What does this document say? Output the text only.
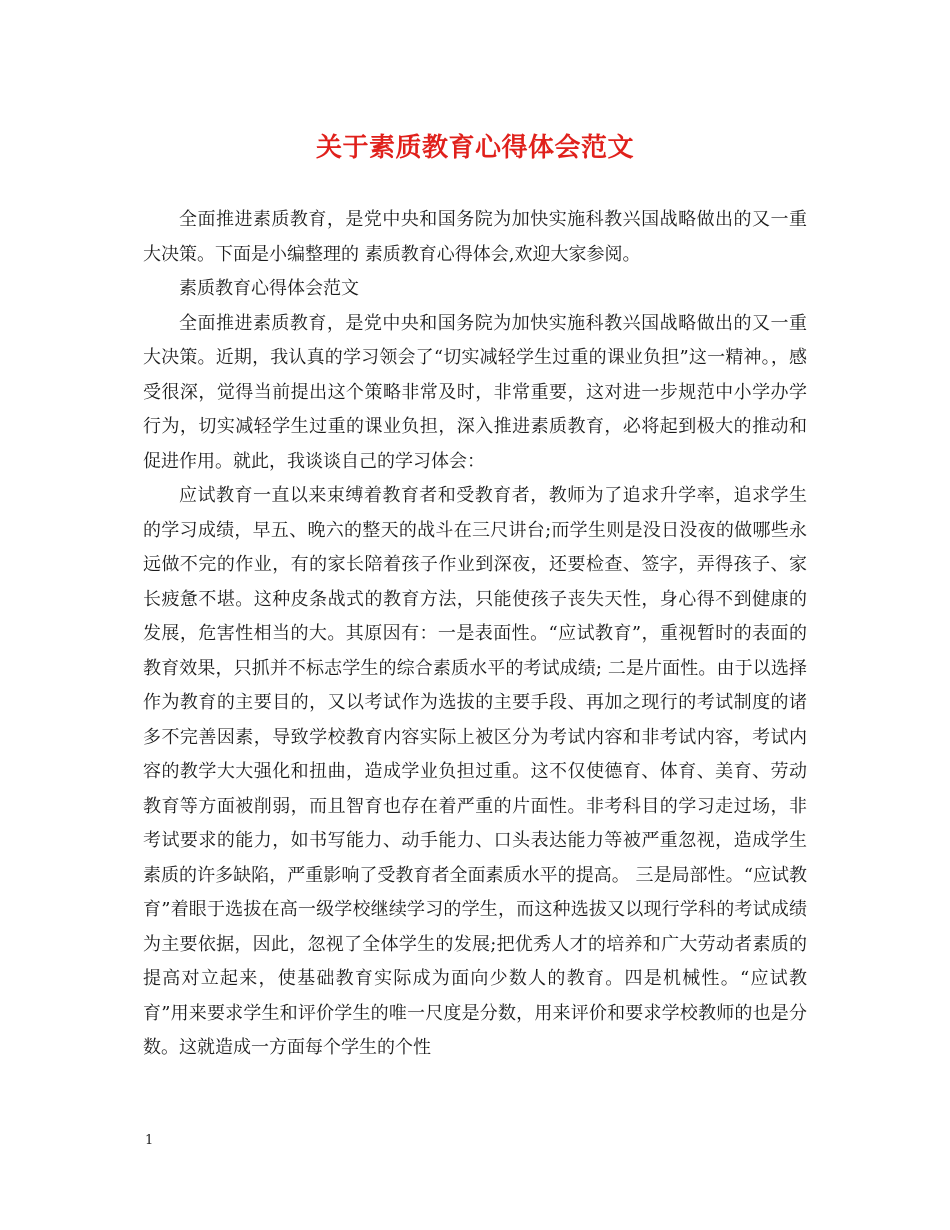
关于素质教育心得体会范文

全面推进素质教育，是党中央和国务院为加快实施科教兴国战略做出的又一重大决策。下面是小编整理的 素质教育心得体会,欢迎大家参阅。

素质教育心得体会范文

全面推进素质教育，是党中央和国务院为加快实施科教兴国战略做出的又一重大决策。近期，我认真的学习领会了“切实减轻学生过重的课业负担”这一精神。，感受很深，觉得当前提出这个策略非常及时，非常重要，这对进一步规范中小学办学行为，切实减轻学生过重的课业负担，深入推进素质教育，必将起到极大的推动和促进作用。就此，我谈谈自己的学习体会：

应试教育一直以来束缚着教育者和受教育者，教师为了追求升学率，追求学生的学习成绩，早五、晚六的整天的战斗在三尺讲台;而学生则是没日没夜的做哪些永远做不完的作业，有的家长陪着孩子作业到深夜，还要检查、签字，弄得孩子、家长疲惫不堪。这种皮条战式的教育方法，只能使孩子丧失天性，身心得不到健康的发展，危害性相当的大。其原因有：一是表面性。“应试教育”，重视暂时的表面的教育效果，只抓并不标志学生的综合素质水平的考试成绩; 二是片面性。由于以选择作为教育的主要目的，又以考试作为选拔的主要手段、再加之现行的考试制度的诸多不完善因素，导致学校教育内容实际上被区分为考试内容和非考试内容，考试内容的教学大大强化和扭曲，造成学业负担过重。这不仅使德育、体育、美育、劳动教育等方面被削弱，而且智育也存在着严重的片面性。非考科目的学习走过场，非考试要求的能力，如书写能力、动手能力、口头表达能力等被严重忽视，造成学生素质的许多缺陷，严重影响了受教育者全面素质水平的提高。 三是局部性。“应试教育”着眼于选拔在高一级学校继续学习的学生，而这种选拔又以现行学科的考试成绩为主要依据，因此，忽视了全体学生的发展;把优秀人才的培养和广大劳动者素质的提高对立起来，使基础教育实际成为面向少数人的教育。四是机械性。“应试教育”用来要求学生和评价学生的唯一尺度是分数，用来评价和要求学校教师的也是分数。这就造成一方面每个学生的个性

1
